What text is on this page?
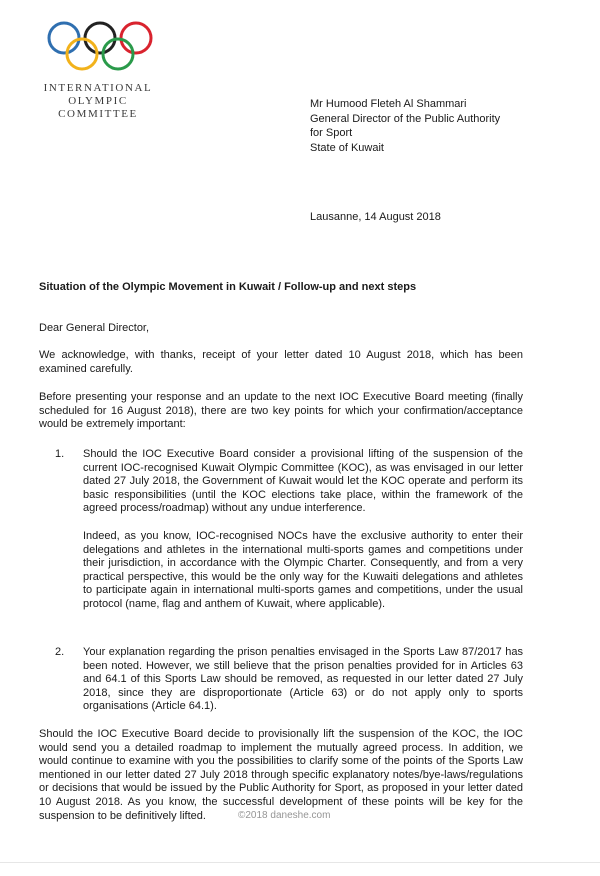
INTERNATIONAL
OLYMPIC
COMMITTEE
Mr Humood Fleteh Al Shammari
General Director of the Public Authority
for Sport
State of Kuwait
Lausanne, 14 August 2018
Situation of the Olympic Movement in Kuwait / Follow-up and next steps
Dear General Director,

We acknowledge, with thanks, receipt of your letter dated 10 August 2018, which has been examined carefully.

Before presenting your response and an update to the next IOC Executive Board meeting (finally scheduled for 16 August 2018), there are two key points for which your confirmation/acceptance would be extremely important:

1.	Should the IOC Executive Board consider a provisional lifting of the suspension of the current IOC-recognised Kuwait Olympic Committee (KOC), as was envisaged in our letter dated 27 July 2018, the Government of Kuwait would let the KOC operate and perform its basic responsibilities (until the KOC elections take place, within the framework of the agreed process/roadmap) without any undue interference.
Indeed, as you know, IOC-recognised NOCs have the exclusive authority to enter their delegations and athletes in the international multi-sports games and competitions under their jurisdiction, in accordance with the Olympic Charter. Consequently, and from a very practical perspective, this would be the only way for the Kuwaiti delegations and athletes to participate again in international multi-sports games and competitions, under the usual protocol (name, flag and anthem of Kuwait, where applicable).
2.	Your explanation regarding the prison penalties envisaged in the Sports Law 87/2017 has been noted. However, we still believe that the prison penalties provided for in Articles 63 and 64.1 of this Sports Law should be removed, as requested in our letter dated 27 July 2018, since they are disproportionate (Article 63) or do not apply only to sports organisations (Article 64.1).

Should the IOC Executive Board decide to provisionally lift the suspension of the KOC, the IOC would send you a detailed roadmap to implement the mutually agreed process. In addition, we would continue to examine with you the possibilities to clarify some of the points of the Sports Law mentioned in our letter dated 27 July 2018 through specific explanatory notes/bye-laws/regulations or decisions that would be issued by the Public Authority for Sport, as proposed in your letter dated 10 August 2018. As you know, the successful development of these points will be key for the suspension to be definitively lifted.	©2018 daneshe.com
